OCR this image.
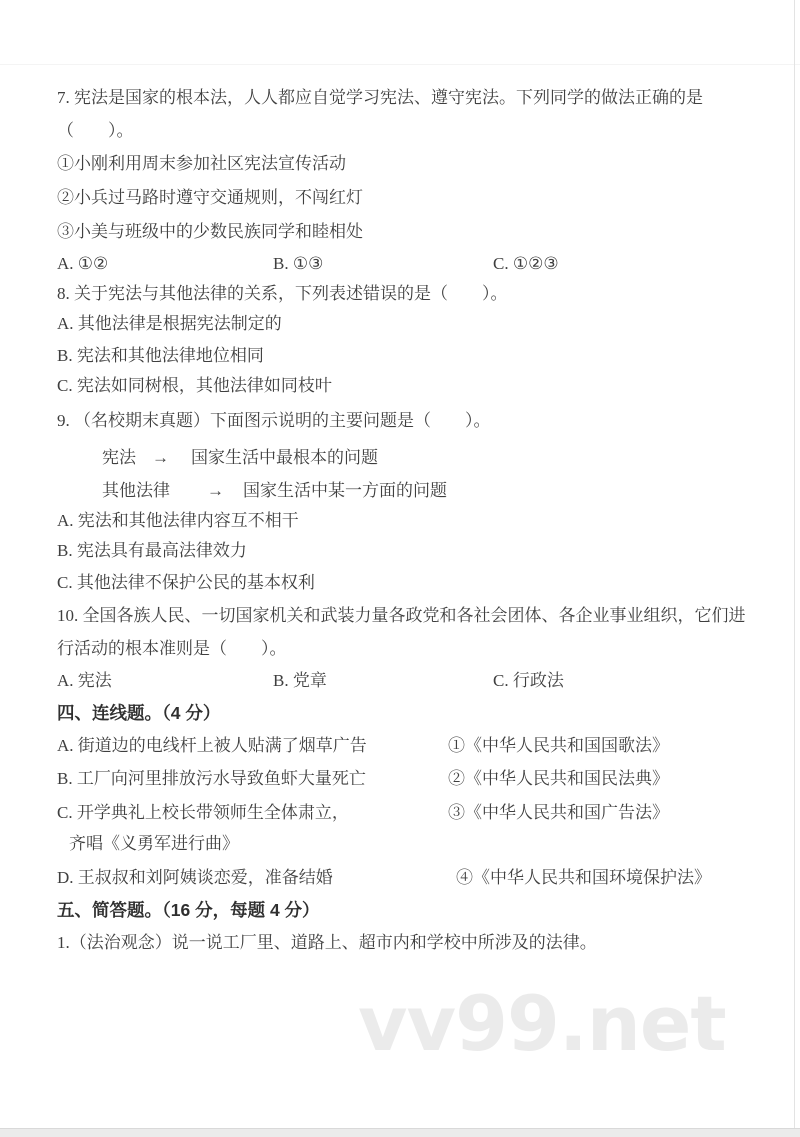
vv99.net
7. 宪法是国家的根本法，人人都应自觉学习宪法、遵守宪法。下列同学的做法正确的是
（　　）。
①小刚利用周末参加社区宪法宣传活动
②小兵过马路时遵守交通规则，不闯红灯
③小美与班级中的少数民族同学和睦相处
A. ①②	B. ①③	C. ①②③
8. 关于宪法与其他法律的关系，下列表述错误的是（　　）。
A. 其他法律是根据宪法制定的
B. 宪法和其他法律地位相同
C. 宪法如同树根，其他法律如同枝叶
9. （名校期末真题）下面图示说明的主要问题是（　　）。
宪法 → 国家生活中最根本的问题
其他法律 → 国家生活中某一方面的问题
A. 宪法和其他法律内容互不相干
B. 宪法具有最高法律效力
C. 其他法律不保护公民的基本权利
10. 全国各族人民、一切国家机关和武装力量各政党和各社会团体、各企业事业组织，它们进
行活动的根本准则是（　　）。
A. 宪法	B. 党章	C. 行政法
四、连线题。（4 分）
A. 街道边的电线杆上被人贴满了烟草广告	①《中华人民共和国国歌法》
B. 工厂向河里排放污水导致鱼虾大量死亡	②《中华人民共和国民法典》
C. 开学典礼上校长带领师生全体肃立，	③《中华人民共和国广告法》
齐唱《义勇军进行曲》
D. 王叔叔和刘阿姨谈恋爱，准备结婚	④《中华人民共和国环境保护法》
五、简答题。（16 分，每题 4 分）
1.（法治观念）说一说工厂里、道路上、超市内和学校中所涉及的法律。
